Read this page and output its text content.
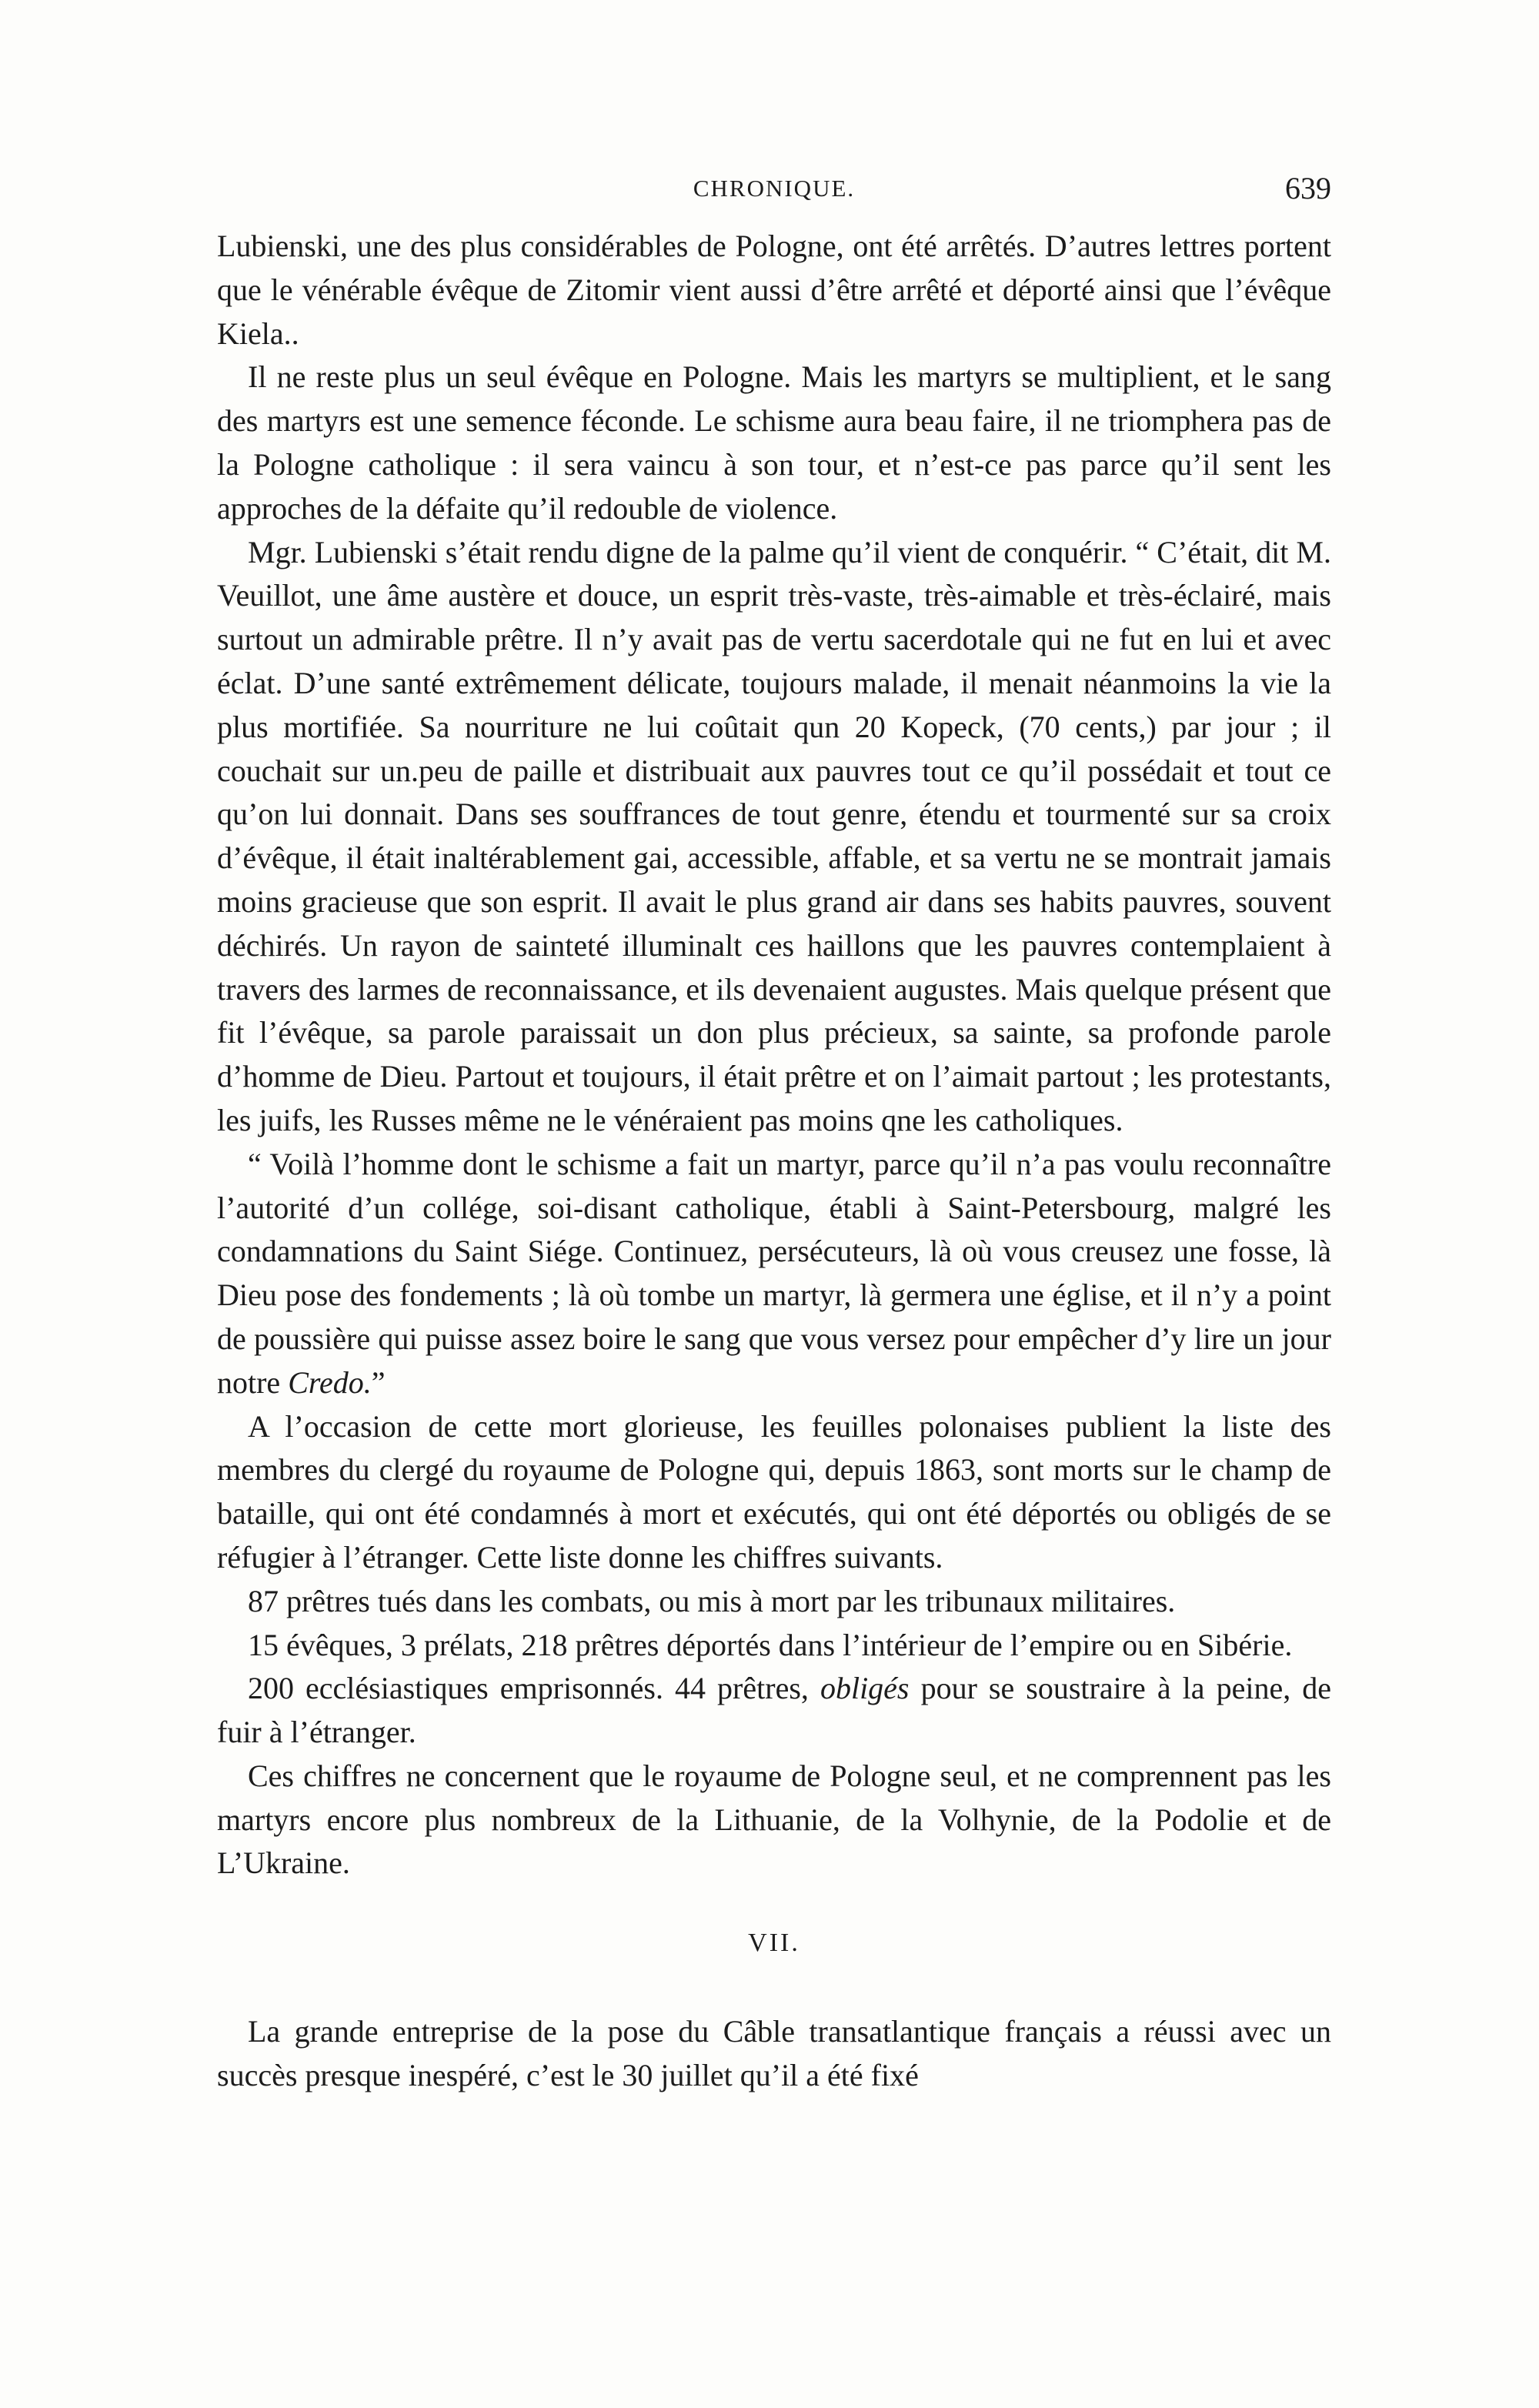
CHRONIQUE.	639

Lubienski, une des plus considérables de Pologne, ont été arrêtés. D’autres lettres portent que le vénérable évêque de Zitomir vient aussi d’être arrêté et déporté ainsi que l’évêque Kiela..

Il ne reste plus un seul évêque en Pologne. Mais les martyrs se multiplient, et le sang des martyrs est une semence féconde. Le schisme aura beau faire, il ne triomphera pas de la Pologne catholique : il sera vaincu à son tour, et n’est-ce pas parce qu’il sent les approches de la défaite qu’il redouble de violence.

Mgr. Lubienski s’était rendu digne de la palme qu’il vient de conquérir. “ C’était, dit M. Veuillot, une âme austère et douce, un esprit très-vaste, très-aimable et très-éclairé, mais surtout un admirable prêtre. Il n’y avait pas de vertu sacerdotale qui ne fut en lui et avec éclat. D’une santé extrêmement délicate, toujours malade, il menait néanmoins la vie la plus mortifiée. Sa nourriture ne lui coûtait qun 20 Kopeck, (70 cents,) par jour ; il couchait sur un.peu de paille et distribuait aux pauvres tout ce qu’il possédait et tout ce qu’on lui donnait. Dans ses souffrances de tout genre, étendu et tourmenté sur sa croix d’évêque, il était inaltérablement gai, accessible, affable, et sa vertu ne se montrait jamais moins gracieuse que son esprit. Il avait le plus grand air dans ses habits pauvres, souvent déchirés. Un rayon de sainteté illuminalt ces haillons que les pauvres contemplaient à travers des larmes de reconnaissance, et ils devenaient augustes. Mais quelque présent que fit l’évêque, sa parole paraissait un don plus précieux, sa sainte, sa profonde parole d’homme de Dieu. Partout et toujours, il était prêtre et on l’aimait partout ; les protestants, les juifs, les Russes même ne le vénéraient pas moins qne les catholiques.

“ Voilà l’homme dont le schisme a fait un martyr, parce qu’il n’a pas voulu reconnaître l’autorité d’un collége, soi-disant catholique, établi à Saint-Petersbourg, malgré les condamnations du Saint Siége. Continuez, persécuteurs, là où vous creusez une fosse, là Dieu pose des fondements ; là où tombe un martyr, là germera une église, et il n’y a point de poussière qui puisse assez boire le sang que vous versez pour empêcher d’y lire un jour notre Credo.”

A l’occasion de cette mort glorieuse, les feuilles polonaises publient la liste des membres du clergé du royaume de Pologne qui, depuis 1863, sont morts sur le champ de bataille, qui ont été condamnés à mort et exécutés, qui ont été déportés ou obligés de se réfugier à l’étranger. Cette liste donne les chiffres suivants.

87 prêtres tués dans les combats, ou mis à mort par les tribunaux militaires.

15 évêques, 3 prélats, 218 prêtres déportés dans l’intérieur de l’empire ou en Sibérie.

200 ecclésiastiques emprisonnés. 44 prêtres, obligés pour se soustraire à la peine, de fuir à l’étranger.

Ces chiffres ne concernent que le royaume de Pologne seul, et ne comprennent pas les martyrs encore plus nombreux de la Lithuanie, de la Volhynie, de la Podolie et de L’Ukraine.

VII.

La grande entreprise de la pose du Câble transatlantique français a réussi avec un succès presque inespéré, c’est le 30 juillet qu’il a été fixé
